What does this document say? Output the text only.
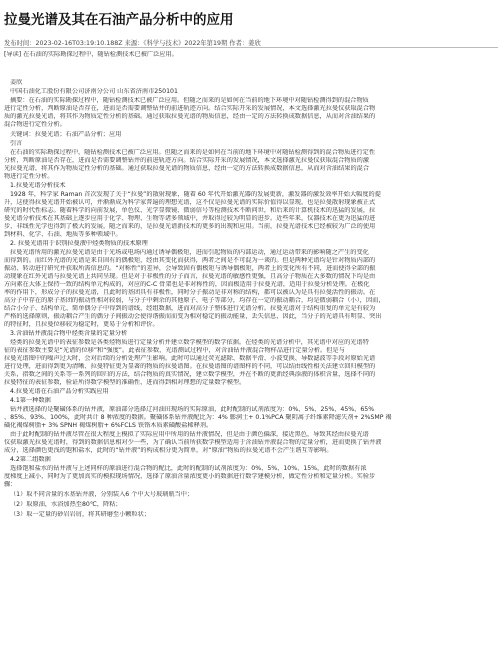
拉曼光谱及其在石油产品分析中的应用
发布时间：2023-02-16T03:19:10.188Z 来源：《科学与技术》2022年第19期 作者：姜欣
[导读] 在石油的实际勘探过程中，随钻检测技术已被广泛应用。
姜欣
中国石油化工股份有限公司济南分公司 山东省济南市250101
摘要：在石油的实际勘探过程中，随钻检测技术已被广泛应用。但随之而来的是如何在当前的地下环境中对随钻检测得到的混合物质
进行定性分析，判断原油是否存在，进而是否需要调整钻井的前进轨迹方向。结合实际开采的发展情况，本文选择激光拉曼仪获取混合物
质的激光拉曼光谱，将其作为物质定性分析的基础。通过获取拉曼光谱的物质信息，经由一定的方法转换成数据信息，从而对含油结果的
混合物进行定性分析。
关键词：拉曼光谱；石油产品分析；应用
引言
在石油的实际勘探过程中，随钻检测技术已被广泛应用。但随之而来的是如何在当前的地下环境中对随钻检测得到的混合物质进行定性
分析，判断原油是否存在，进而是否需要调整钻井的前进轨迹方向。结合实际开采的发展情况，本文选择激光拉曼仪获取混合物质的激
光拉曼光谱，将其作为物质定性分析的基础。通过获取拉曼光谱的物质信息，经由一定的方法转换成数据信息，从而对含油结果的混合
物进行定性分析。
1.拉曼光谱分析技术
1928 年，科学家 Raman 首次发现了关于“拉曼”的散射现象，随着 60 年代开始激光器的发展更新，激发器的激发效率开始大幅度的提
升，这使得拉曼光谱开始被认可，并渐渐成为科学家普遍的理想光谱，这不仅是拉曼光谱的实际价值得以显现，也是拉曼散射现象被正式
研究的时代性标志。随着科学的向前发展，单色仪、光学显微镜、微弱信号等检测技术不断问世，和后来的计算机技术的迅猛的发展，拉
曼光谱分析技术在其基础上逐步应用于化学、物理、生物等诸多领域中，并取得过较为明显的进步。近些年来，仪器技术在更为迅猛的进
步，非线性光学也得到了极大的发展，随之而来的，是拉曼光谱新技术的更多的出现和应用。当前，拉曼光谱技术已经被较为广泛的使用
到材料、化学、石油、地质等多种领域中。
2. 拉曼光谱用于识别拉曼液中烃类物质的技术原理
拉曼光谱所用的激光拉曼光谱是由于光场或电场内通过诱导偶极矩，进而引起物质的内部运动，通过运动带来的影响随之产生的变化
而得到的。而红外光谱的光谱是来自固有的偶极矩，经由其变化而获得，两者之间是不可混为一谈的。但是两种光谱均是针对物质内部的
振动、转动进行研究并获取所需信息的。“对称性”的差异，会导致固有偶极矩与诱导偶极矩，两者上的变化所有不同，进而使得全部的振
动现象在红外光谱与拉曼光谱上共同呈现。但是对于非极性的分子而言，拉曼光谱的敏感性更强，且高分子物质在大多数的情况下均是由
方向素在大体上保持一致的结构单元构成的，对应的C-C 骨架也是非对称性的，因而极适用于拉曼光谱，适用于拉曼分析处理。在极化
率的作用下，形成分子的拉曼光谱，且此时的基团具有非极性，同时分子振动是非对称的结构，都可以被认为是具有拉曼活性的振动。在
高分子中存在的原子基团的振动性相对较弱，与分子中剩余的其他原子、电子等部分，均存在一定的振动耦合，均是微弱耦合（小），因而，
结合小分子、结构单元、简单偶分子中得到的谱线，经组数据，进而对高分子整体进行光谱分析。拉曼光谱对于结构重复的单元是有较为
严格的选择原则，振动耦合产生的偶分子间振动会使得谐振而而变为相对稳定的振动能量，丢失信息，因此，当分子的光谱具有明显、突出
的特征时，且拉曼位移较为稳定时，更易于分析和评价。
3.含油钻井液混合物中烃类含量的定量分析
烃类的拉曼光谱中的表征参数是各类烃物质进行定量分析并建立数学模型的数学依据。在烃类的光谱分析中，其光谱中对应的光谱特
征的表征参数主要是“光谱的位移”和“强度”。此表征参数，光谱测试过程中，对含油钻井液混合物样品进行定量分析。但是与
拉曼光谱图中的噪声过大时，会对后续的分析处理产生影响。此时可以通过荧光滤除、数据平滑、小波变换、导数滤波等手段对原始光谱
进行处理，进而得到更为清晰、拉曼特征更为显著的物质的拉曼谱图。在拉曼谱图的谱图样的不同，可以结由线性相关法建立回归模型的
关系，指数之间的关系等一系列的回归的方法，结合物质的真实情况，建立数学模型，并在不断的更新经典添液的体积含量，选择不同的
拉曼特征的表征参数，验证所得数学模型的准确性，进而得到相对理想的定量数学模型。
4.拉曼光谱在石油产品分析实践应用
4.1第一种数据
钻井液选择的是聚磺体系的钻井液，原油部分选择辽河油田现场的实际原油，此时配制的试剂浓度为：0%、5%、25%、45%、65%
、85%、93%、100%，此时共计 8 种浓度的数据。聚磺体系钻井液配比为：4% 膨润土+ 0.1%PCA 聚阴离子纤维素降滤失剂+ 2%SMP 褐
磺化褐煤树脂+ 3% SPNH 褐煤树脂+ 6%FCLS 铁铬木质素磺酸盐稀释剂。
由于此时配制的钻井液尽管在很大程度上模拟了实际应用中所用的钻井液情况，但是由于颜色偏深，接近黑色，导致其经由拉曼光谱
仪获取激光拉曼光谱时，得到的数据信息相对少一些，为了确认当前所获数学模型适用于含油钻井液混合物的定量分析，进而更换了钻井液
成分，选择颜色更浅的饱和盐水，此时的“钻井液”的构成相分更为简单，对“原油”物质的拉曼光谱不会产生谐互等影响。
4.2第二组数据
选择饱和盐水的钻井液与上述同样的原油进行混合物的配比，此时的配制的试剂浓度为：0%、5%、10%、15%，此时的数据有浓
度梯度上减小，同时为了更加真实的模拟现场情况，选择了原油含量浓度更小的数据进行数学建模分析，做定性分析和定量分析。实验步
骤：
（1）取不同含量的水基钻井液，分别装入6 个中大号玻璃瓶当中；
（2）取原油，水浴加热至80℃，降粘；
（3）取一定量的砂岩岩屑，将其研磨至小颗粒状；
